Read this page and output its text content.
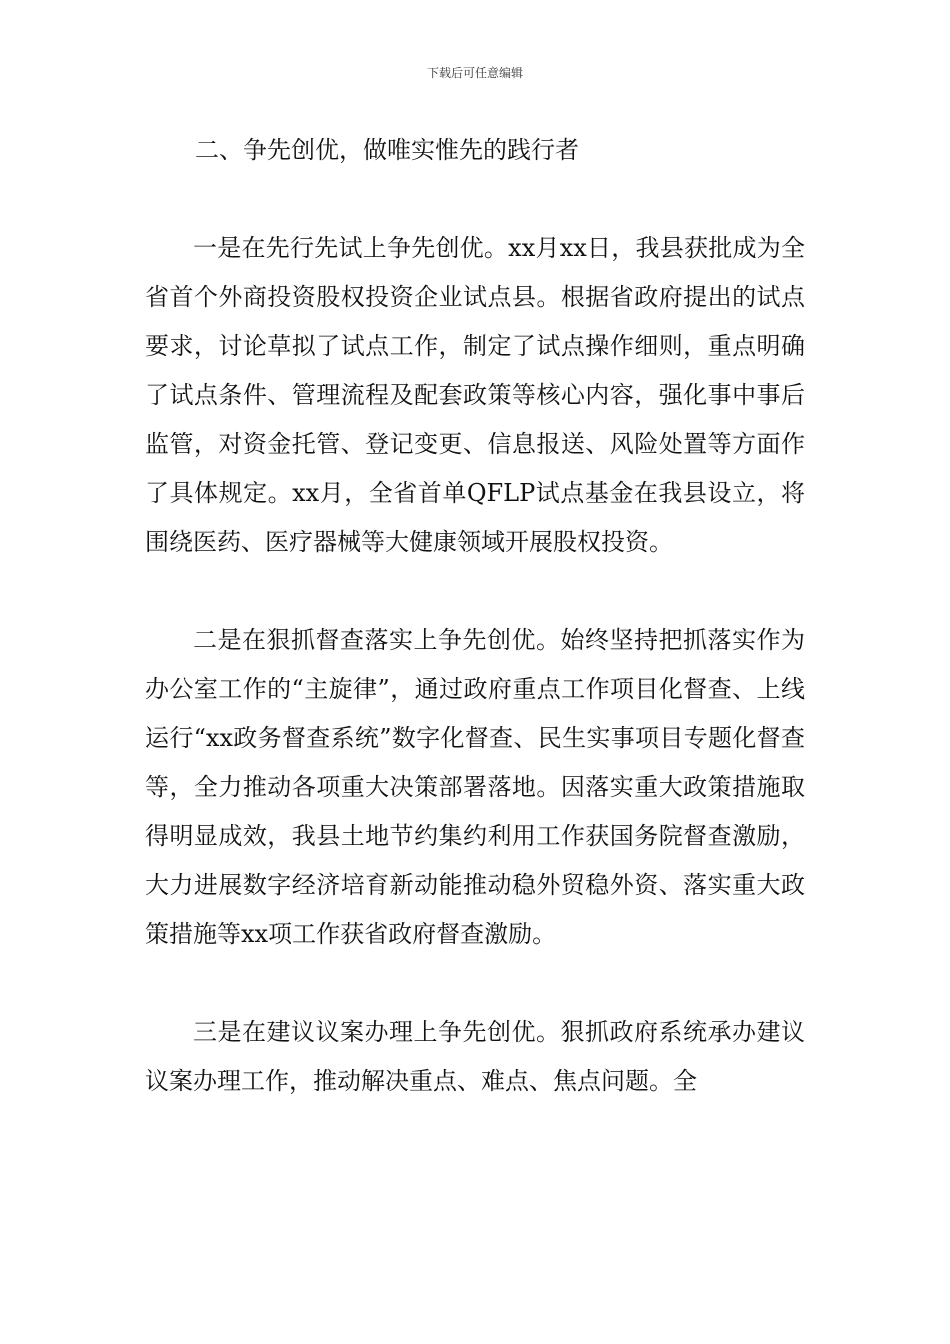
下载后可任意编辑
二、争先创优，做唯实惟先的践行者

一是在先行先试上争先创优。xx月xx日，我县获批成为全省首个外商投资股权投资企业试点县。根据省政府提出的试点要求，讨论草拟了试点工作，制定了试点操作细则，重点明确了试点条件、管理流程及配套政策等核心内容，强化事中事后监管，对资金托管、登记变更、信息报送、风险处置等方面作了具体规定。xx月，全省首单QFLP试点基金在我县设立，将围绕医药、医疗器械等大健康领域开展股权投资。

二是在狠抓督查落实上争先创优。始终坚持把抓落实作为办公室工作的“主旋律”，通过政府重点工作项目化督查、上线运行“xx政务督查系统”数字化督查、民生实事项目专题化督查等，全力推动各项重大决策部署落地。因落实重大政策措施取得明显成效，我县土地节约集约利用工作获国务院督查激励，大力进展数字经济培育新动能推动稳外贸稳外资、落实重大政策措施等xx项工作获省政府督查激励。

三是在建议议案办理上争先创优。狠抓政府系统承办建议议案办理工作，推动解决重点、难点、焦点问题。全
